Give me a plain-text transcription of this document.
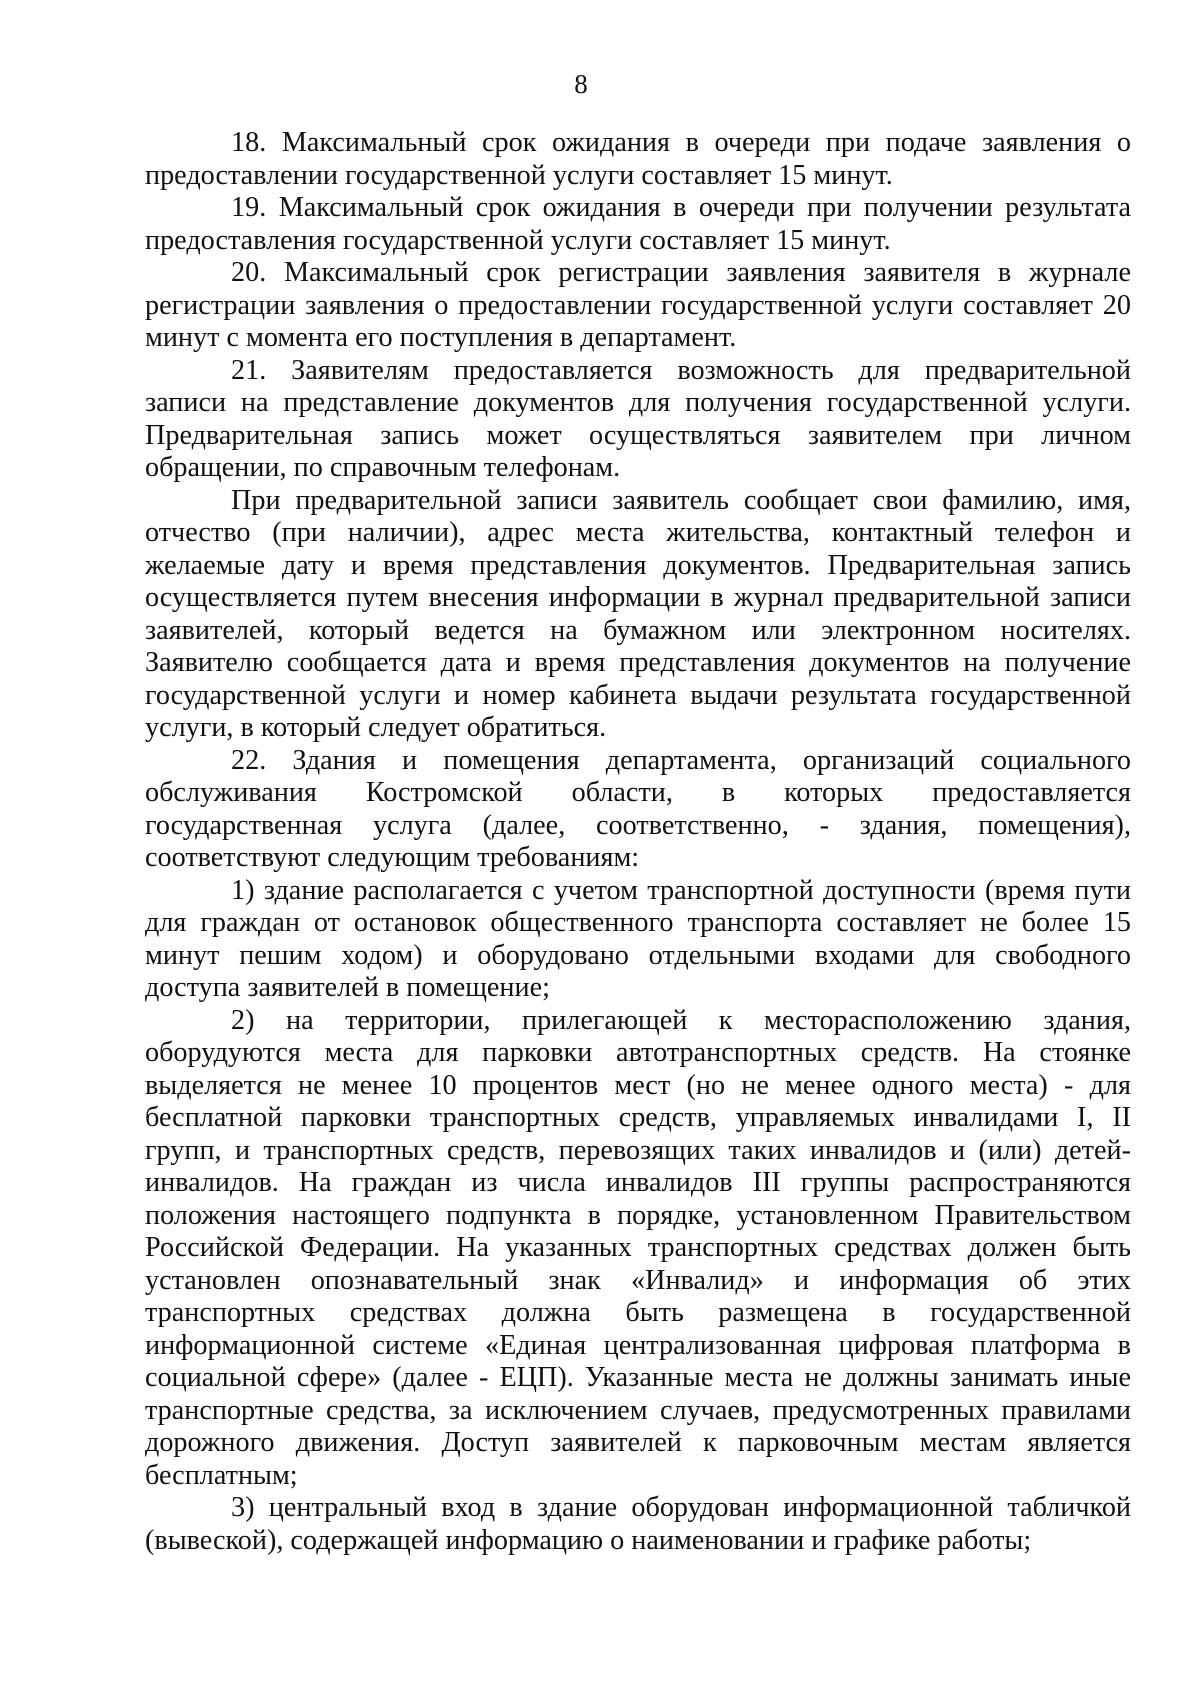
8
18. Максимальный срок ожидания в очереди при подаче заявления о
предоставлении государственной услуги составляет 15 минут.
19. Максимальный срок ожидания в очереди при получении результата
предоставления государственной услуги составляет 15 минут.
20. Максимальный срок регистрации заявления заявителя в журнале
регистрации заявления о предоставлении государственной услуги составляет 20
минут с момента его поступления в департамент.
21. Заявителям предоставляется возможность для предварительной
записи на представление документов для получения государственной услуги.
Предварительная запись может осуществляться заявителем при личном
обращении, по справочным телефонам.
При предварительной записи заявитель сообщает свои фамилию, имя,
отчество (при наличии), адрес места жительства, контактный телефон и
желаемые дату и время представления документов. Предварительная запись
осуществляется путем внесения информации в журнал предварительной записи
заявителей, который ведется на бумажном или электронном носителях.
Заявителю сообщается дата и время представления документов на получение
государственной услуги и номер кабинета выдачи результата государственной
услуги, в который следует обратиться.
22. Здания и помещения департамента, организаций социального
обслуживания Костромской области, в которых предоставляется
государственная услуга (далее, соответственно, - здания, помещения),
соответствуют следующим требованиям:
1) здание располагается с учетом транспортной доступности (время пути
для граждан от остановок общественного транспорта составляет не более 15
минут пешим ходом) и оборудовано отдельными входами для свободного
доступа заявителей в помещение;
2) на территории, прилегающей к месторасположению здания,
оборудуются места для парковки автотранспортных средств. На стоянке
выделяется не менее 10 процентов мест (но не менее одного места) - для
бесплатной парковки транспортных средств, управляемых инвалидами I, II
групп, и транспортных средств, перевозящих таких инвалидов и (или) детей-
инвалидов. На граждан из числа инвалидов III группы распространяются
положения настоящего подпункта в порядке, установленном Правительством
Российской Федерации. На указанных транспортных средствах должен быть
установлен опознавательный знак «Инвалид» и информация об этих
транспортных средствах должна быть размещена в государственной
информационной системе «Единая централизованная цифровая платформа в
социальной сфере» (далее - ЕЦП). Указанные места не должны занимать иные
транспортные средства, за исключением случаев, предусмотренных правилами
дорожного движения. Доступ заявителей к парковочным местам является
бесплатным;
3) центральный вход в здание оборудован информационной табличкой
(вывеской), содержащей информацию о наименовании и графике работы;
